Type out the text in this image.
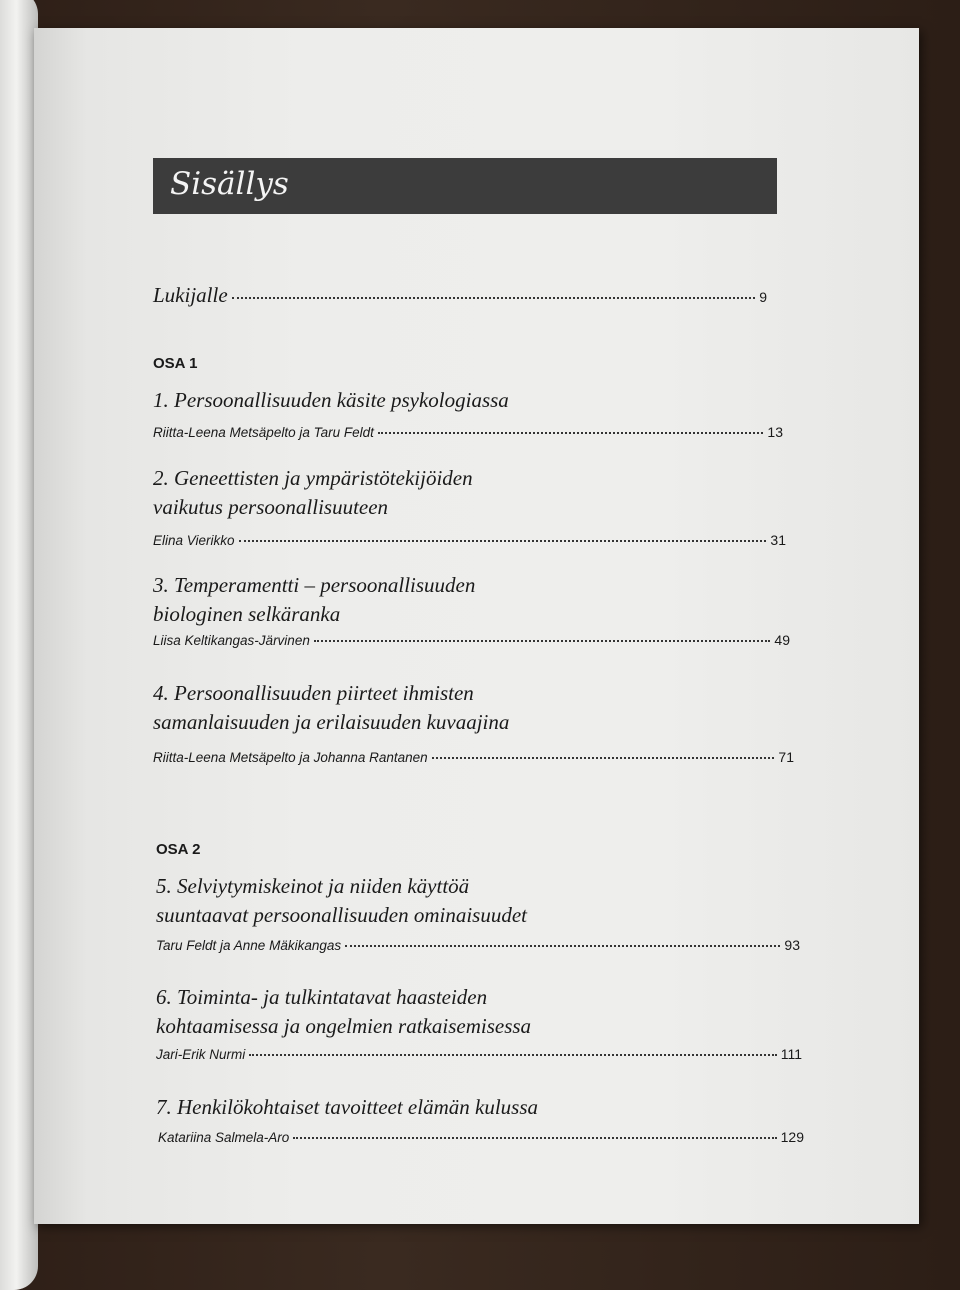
Sisällys
Lukijalle	9
OSA 1
1. Persoonallisuuden käsite psykologiassa
Riitta-Leena Metsäpelto ja Taru Feldt	13
2. Geneettisten ja ympäristötekijöiden
vaikutus persoonallisuuteen
Elina Vierikko	31
3. Temperamentti – persoonallisuuden
biologinen selkäranka
Liisa Keltikangas-Järvinen	49
4. Persoonallisuuden piirteet ihmisten
samanlaisuuden ja erilaisuuden kuvaajina
Riitta-Leena Metsäpelto ja Johanna Rantanen	71
OSA 2
5. Selviytymiskeinot ja niiden käyttöä
suuntaavat persoonallisuuden ominaisuudet
Taru Feldt ja Anne Mäkikangas	93
6. Toiminta- ja tulkintatavat haasteiden
kohtaamisessa ja ongelmien ratkaisemisessa
Jari-Erik Nurmi	111
7. Henkilökohtaiset tavoitteet elämän kulussa
Katariina Salmela-Aro	129
